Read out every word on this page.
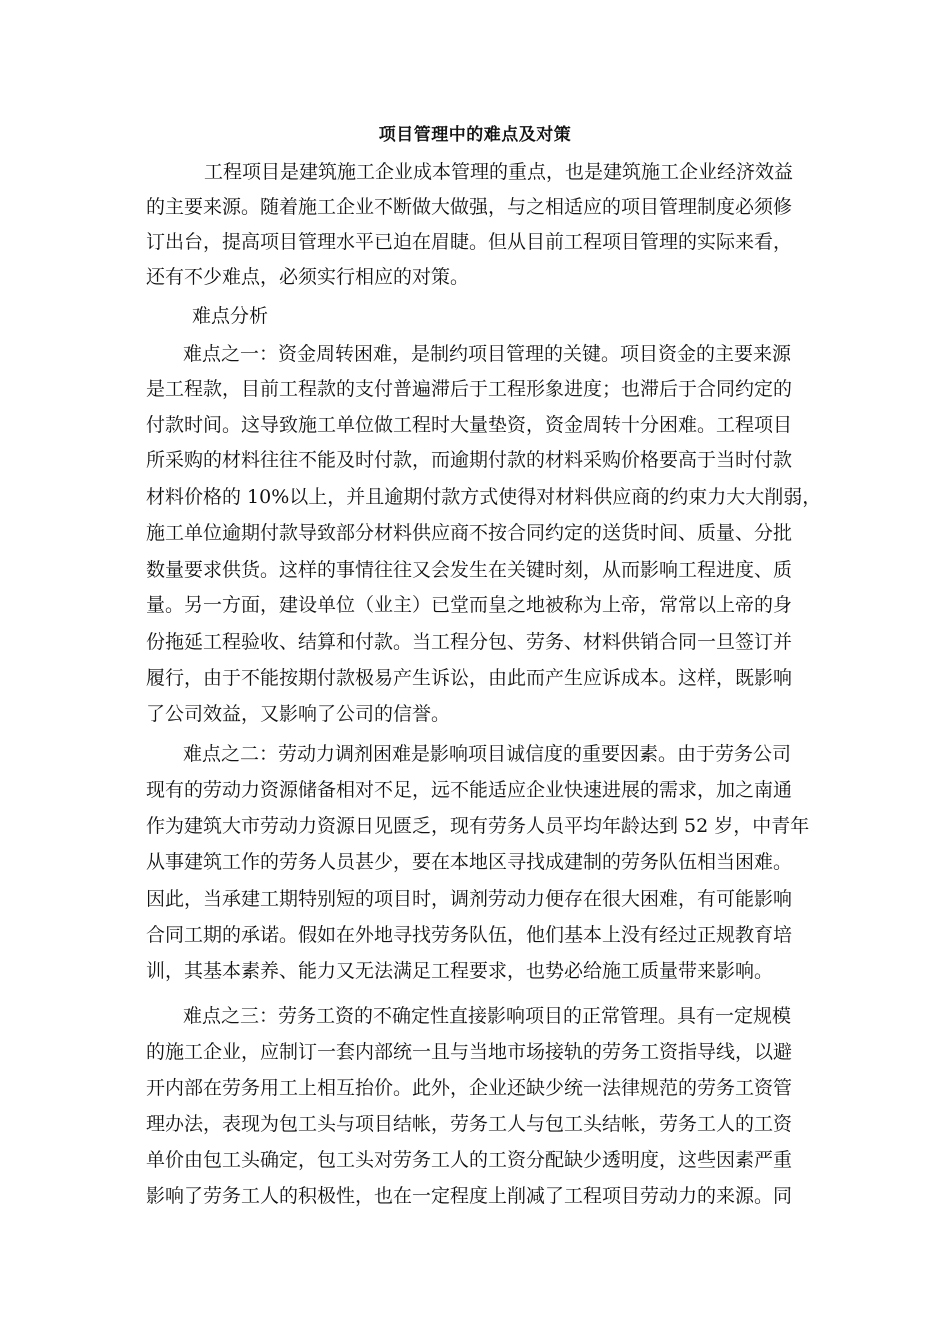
项目管理中的难点及对策
工程项目是建筑施工企业成本管理的重点，也是建筑施工企业经济效益
的主要来源。随着施工企业不断做大做强，与之相适应的项目管理制度必须修
订出台，提高项目管理水平已迫在眉睫。但从目前工程项目管理的实际来看，
还有不少难点，必须实行相应的对策。
难点分析
难点之一：资金周转困难，是制约项目管理的关键。项目资金的主要来源
是工程款，目前工程款的支付普遍滞后于工程形象进度；也滞后于合同约定的
付款时间。这导致施工单位做工程时大量垫资，资金周转十分困难。工程项目
所采购的材料往往不能及时付款，而逾期付款的材料采购价格要高于当时付款
材料价格的 10%以上，并且逾期付款方式使得对材料供应商的约束力大大削弱，
施工单位逾期付款导致部分材料供应商不按合同约定的送货时间、质量、分批
数量要求供货。这样的事情往往又会发生在关键时刻，从而影响工程进度、质
量。另一方面，建设单位（业主）已堂而皇之地被称为上帝，常常以上帝的身
份拖延工程验收、结算和付款。当工程分包、劳务、材料供销合同一旦签订并
履行，由于不能按期付款极易产生诉讼，由此而产生应诉成本。这样，既影响
了公司效益，又影响了公司的信誉。
难点之二：劳动力调剂困难是影响项目诚信度的重要因素。由于劳务公司
现有的劳动力资源储备相对不足，远不能适应企业快速进展的需求，加之南通
作为建筑大市劳动力资源日见匮乏，现有劳务人员平均年龄达到 52 岁，中青年
从事建筑工作的劳务人员甚少，要在本地区寻找成建制的劳务队伍相当困难。
因此，当承建工期特别短的项目时，调剂劳动力便存在很大困难，有可能影响
合同工期的承诺。假如在外地寻找劳务队伍，他们基本上没有经过正规教育培
训，其基本素养、能力又无法满足工程要求，也势必给施工质量带来影响。
难点之三：劳务工资的不确定性直接影响项目的正常管理。具有一定规模
的施工企业，应制订一套内部统一且与当地市场接轨的劳务工资指导线，以避
开内部在劳务用工上相互抬价。此外，企业还缺少统一法律规范的劳务工资管
理办法，表现为包工头与项目结帐，劳务工人与包工头结帐，劳务工人的工资
单价由包工头确定，包工头对劳务工人的工资分配缺少透明度，这些因素严重
影响了劳务工人的积极性，也在一定程度上削减了工程项目劳动力的来源。同
